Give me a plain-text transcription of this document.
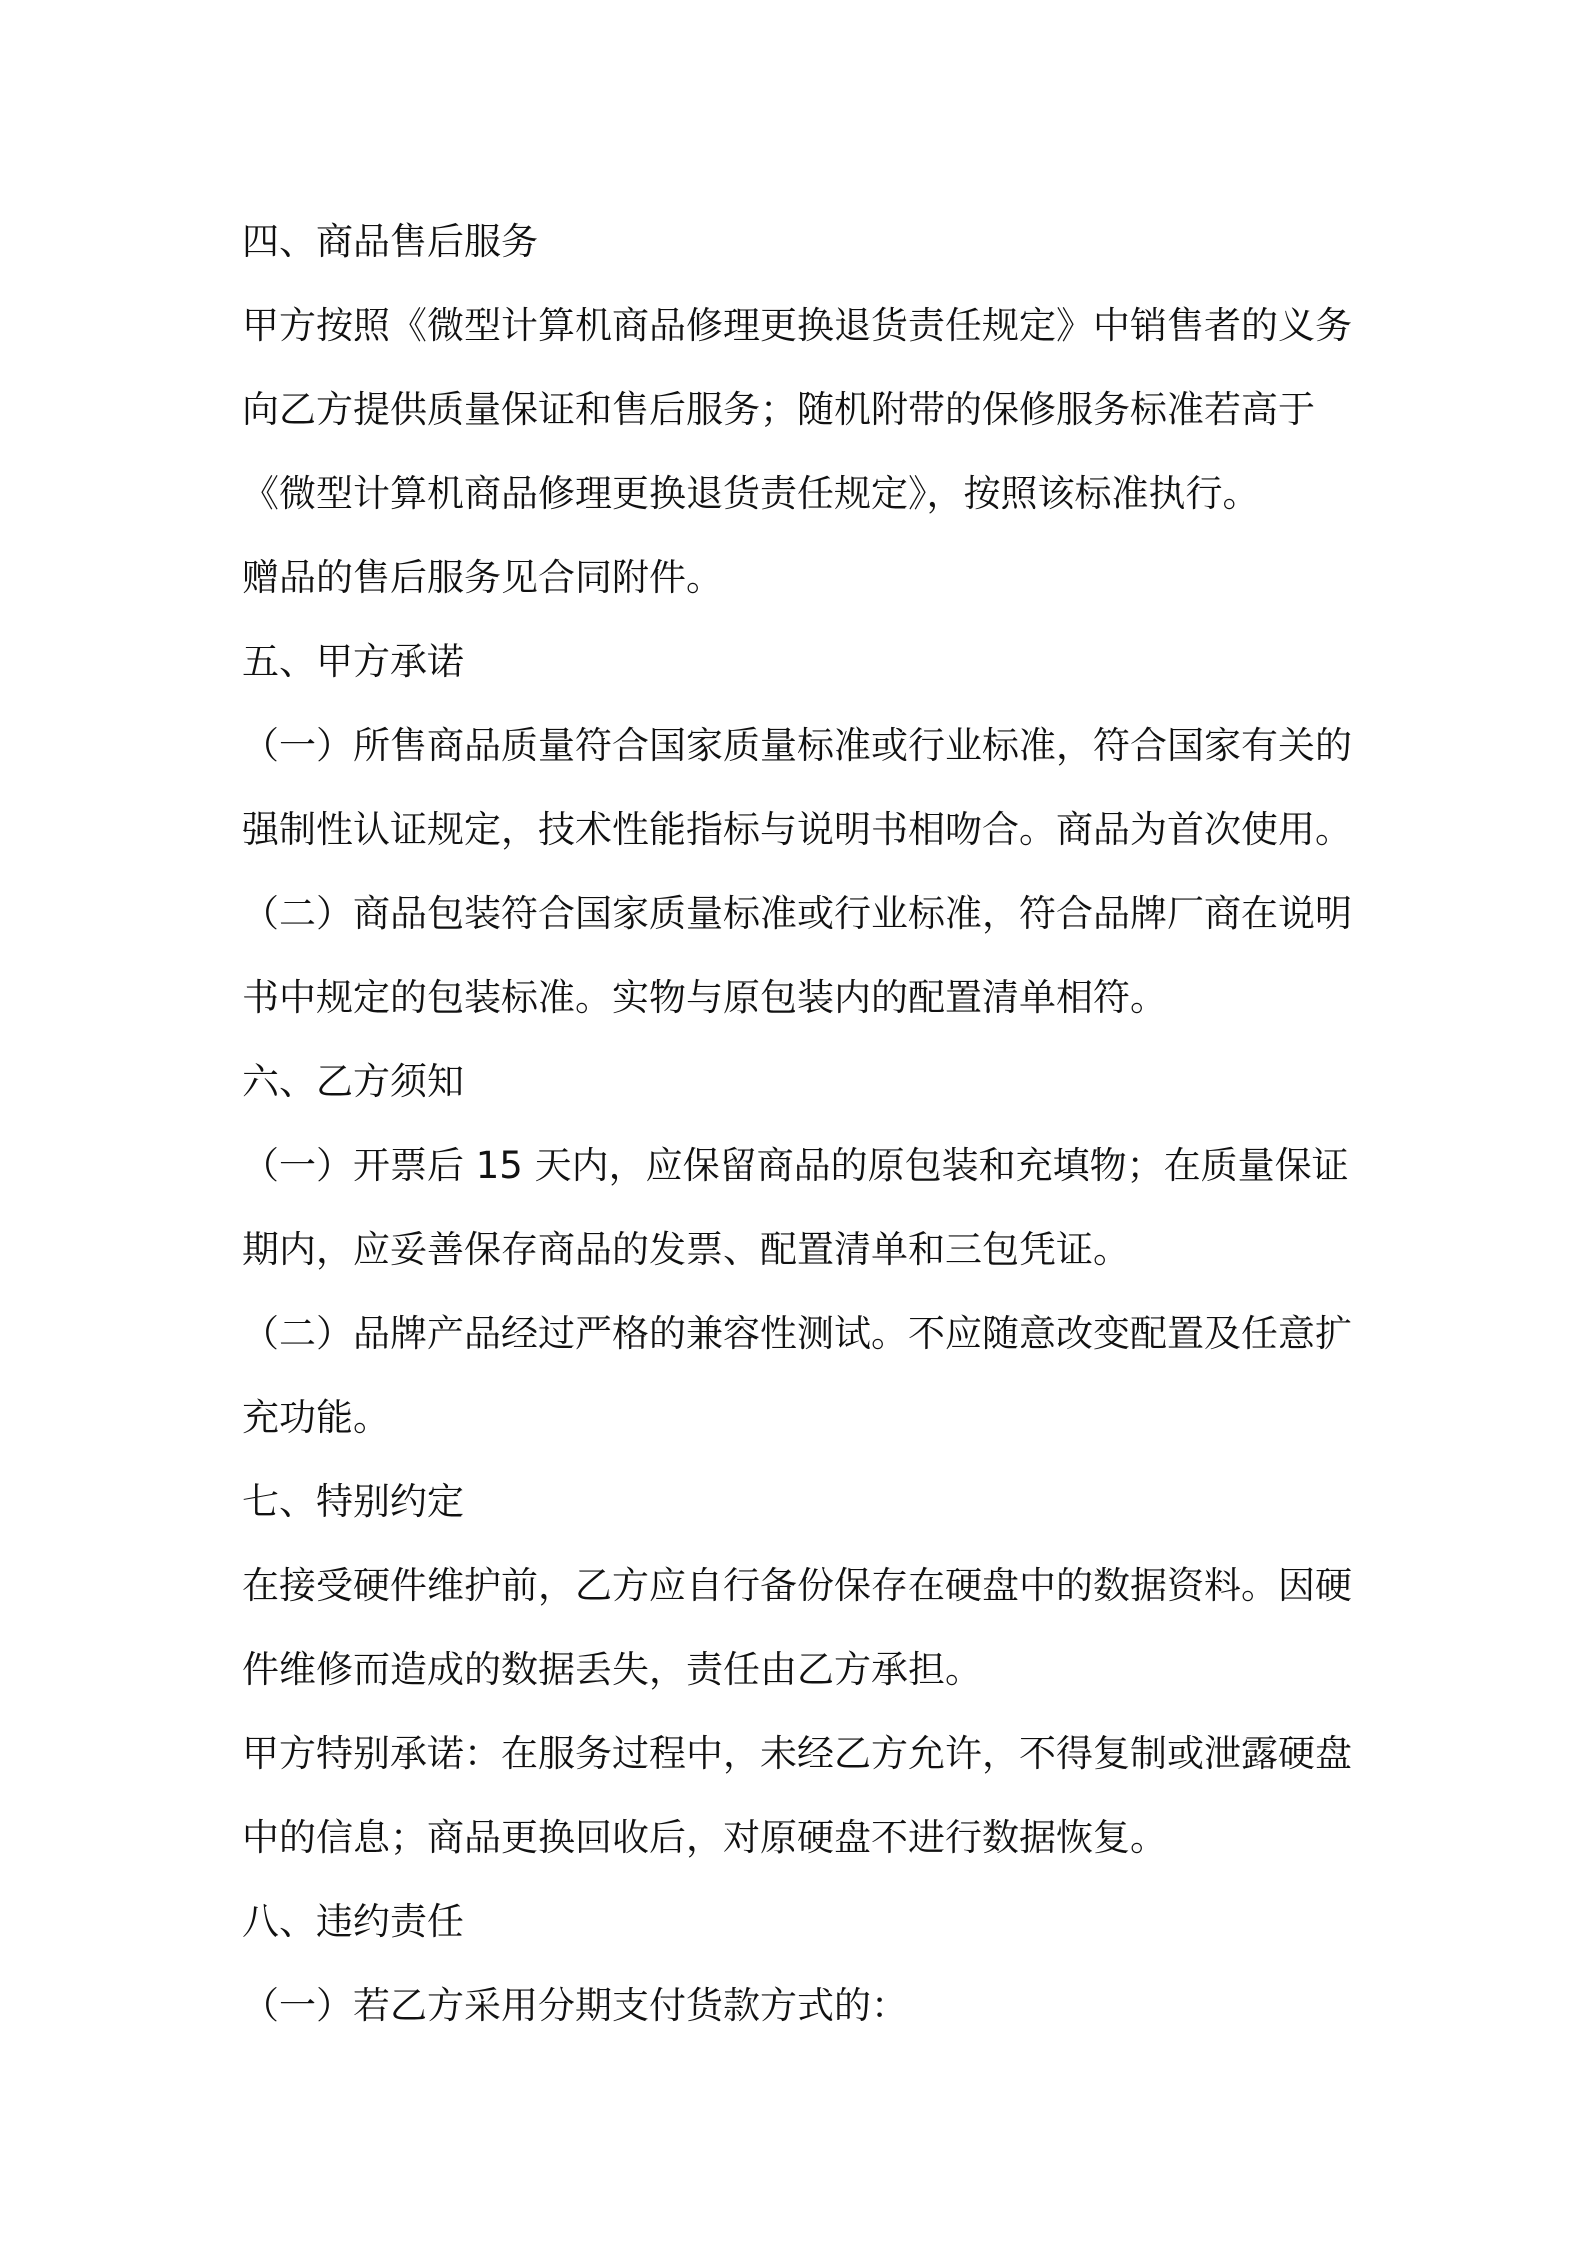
四、商品售后服务
甲方按照《微型计算机商品修理更换退货责任规定》中销售者的义务
向乙方提供质量保证和售后服务；随机附带的保修服务标准若高于
《微型计算机商品修理更换退货责任规定》，按照该标准执行。
赠品的售后服务见合同附件。
五、甲方承诺
（一）所售商品质量符合国家质量标准或行业标准，符合国家有关的
强制性认证规定，技术性能指标与说明书相吻合。商品为首次使用。
（二）商品包装符合国家质量标准或行业标准，符合品牌厂商在说明
书中规定的包装标准。实物与原包装内的配置清单相符。
六、乙方须知
（一）开票后 15 天内，应保留商品的原包装和充填物；在质量保证
期内，应妥善保存商品的发票、配置清单和三包凭证。
（二）品牌产品经过严格的兼容性测试。不应随意改变配置及任意扩
充功能。
七、特别约定
在接受硬件维护前，乙方应自行备份保存在硬盘中的数据资料。因硬
件维修而造成的数据丢失，责任由乙方承担。
甲方特别承诺：在服务过程中，未经乙方允许，不得复制或泄露硬盘
中的信息；商品更换回收后，对原硬盘不进行数据恢复。
八、违约责任
（一）若乙方采用分期支付货款方式的：
